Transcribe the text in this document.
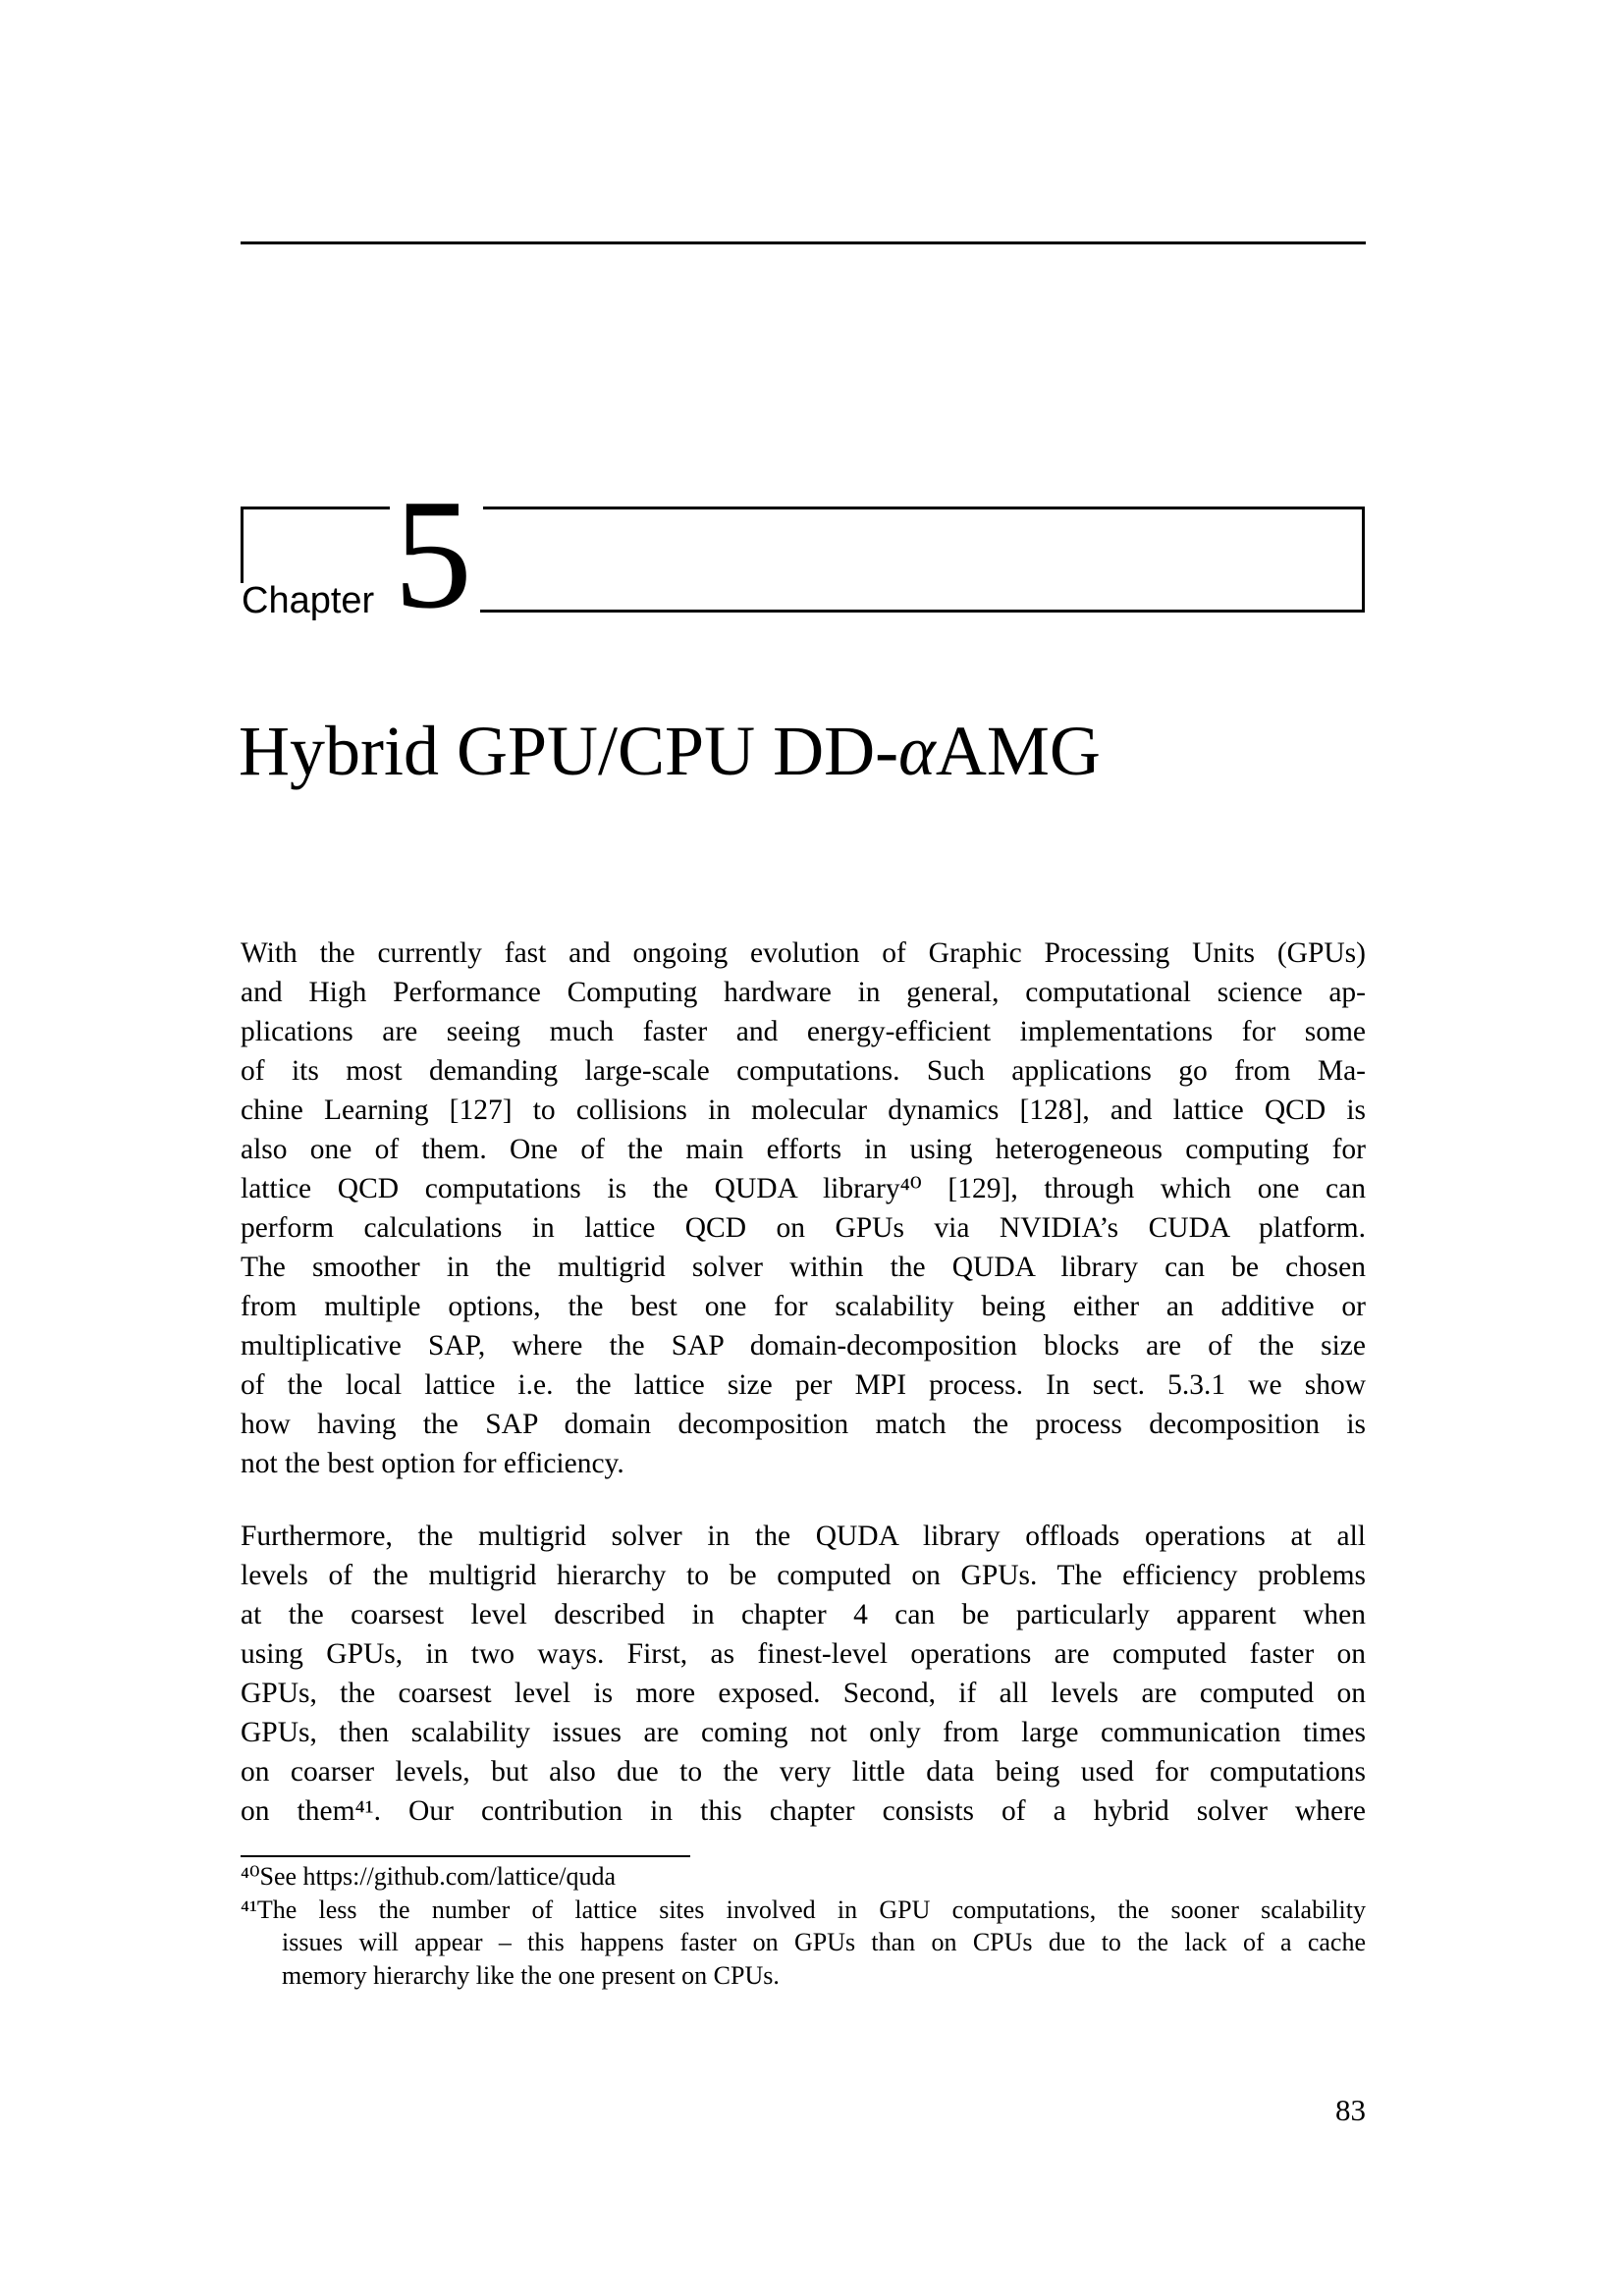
Chapter 5
Hybrid GPU/CPU DD-αAMG
With the currently fast and ongoing evolution of Graphic Processing Units (GPUs)
and High Performance Computing hardware in general, computational science ap-
plications are seeing much faster and energy-efficient implementations for some
of its most demanding large-scale computations. Such applications go from Ma-
chine Learning [127] to collisions in molecular dynamics [128], and lattice QCD is
also one of them. One of the main efforts in using heterogeneous computing for
lattice QCD computations is the QUDA library⁴⁰ [129], through which one can
perform calculations in lattice QCD on GPUs via NVIDIA’s CUDA platform.
The smoother in the multigrid solver within the QUDA library can be chosen
from multiple options, the best one for scalability being either an additive or
multiplicative SAP, where the SAP domain-decomposition blocks are of the size
of the local lattice i.e. the lattice size per MPI process. In sect. 5.3.1 we show
how having the SAP domain decomposition match the process decomposition is
not the best option for efficiency.
Furthermore, the multigrid solver in the QUDA library offloads operations at all
levels of the multigrid hierarchy to be computed on GPUs. The efficiency problems
at the coarsest level described in chapter 4 can be particularly apparent when
using GPUs, in two ways. First, as finest-level operations are computed faster on
GPUs, the coarsest level is more exposed. Second, if all levels are computed on
GPUs, then scalability issues are coming not only from large communication times
on coarser levels, but also due to the very little data being used for computations
on them⁴¹. Our contribution in this chapter consists of a hybrid solver where
⁴⁰See https://github.com/lattice/quda
⁴¹The less the number of lattice sites involved in GPU computations, the sooner scalability
issues will appear – this happens faster on GPUs than on CPUs due to the lack of a cache
memory hierarchy like the one present on CPUs.
83
